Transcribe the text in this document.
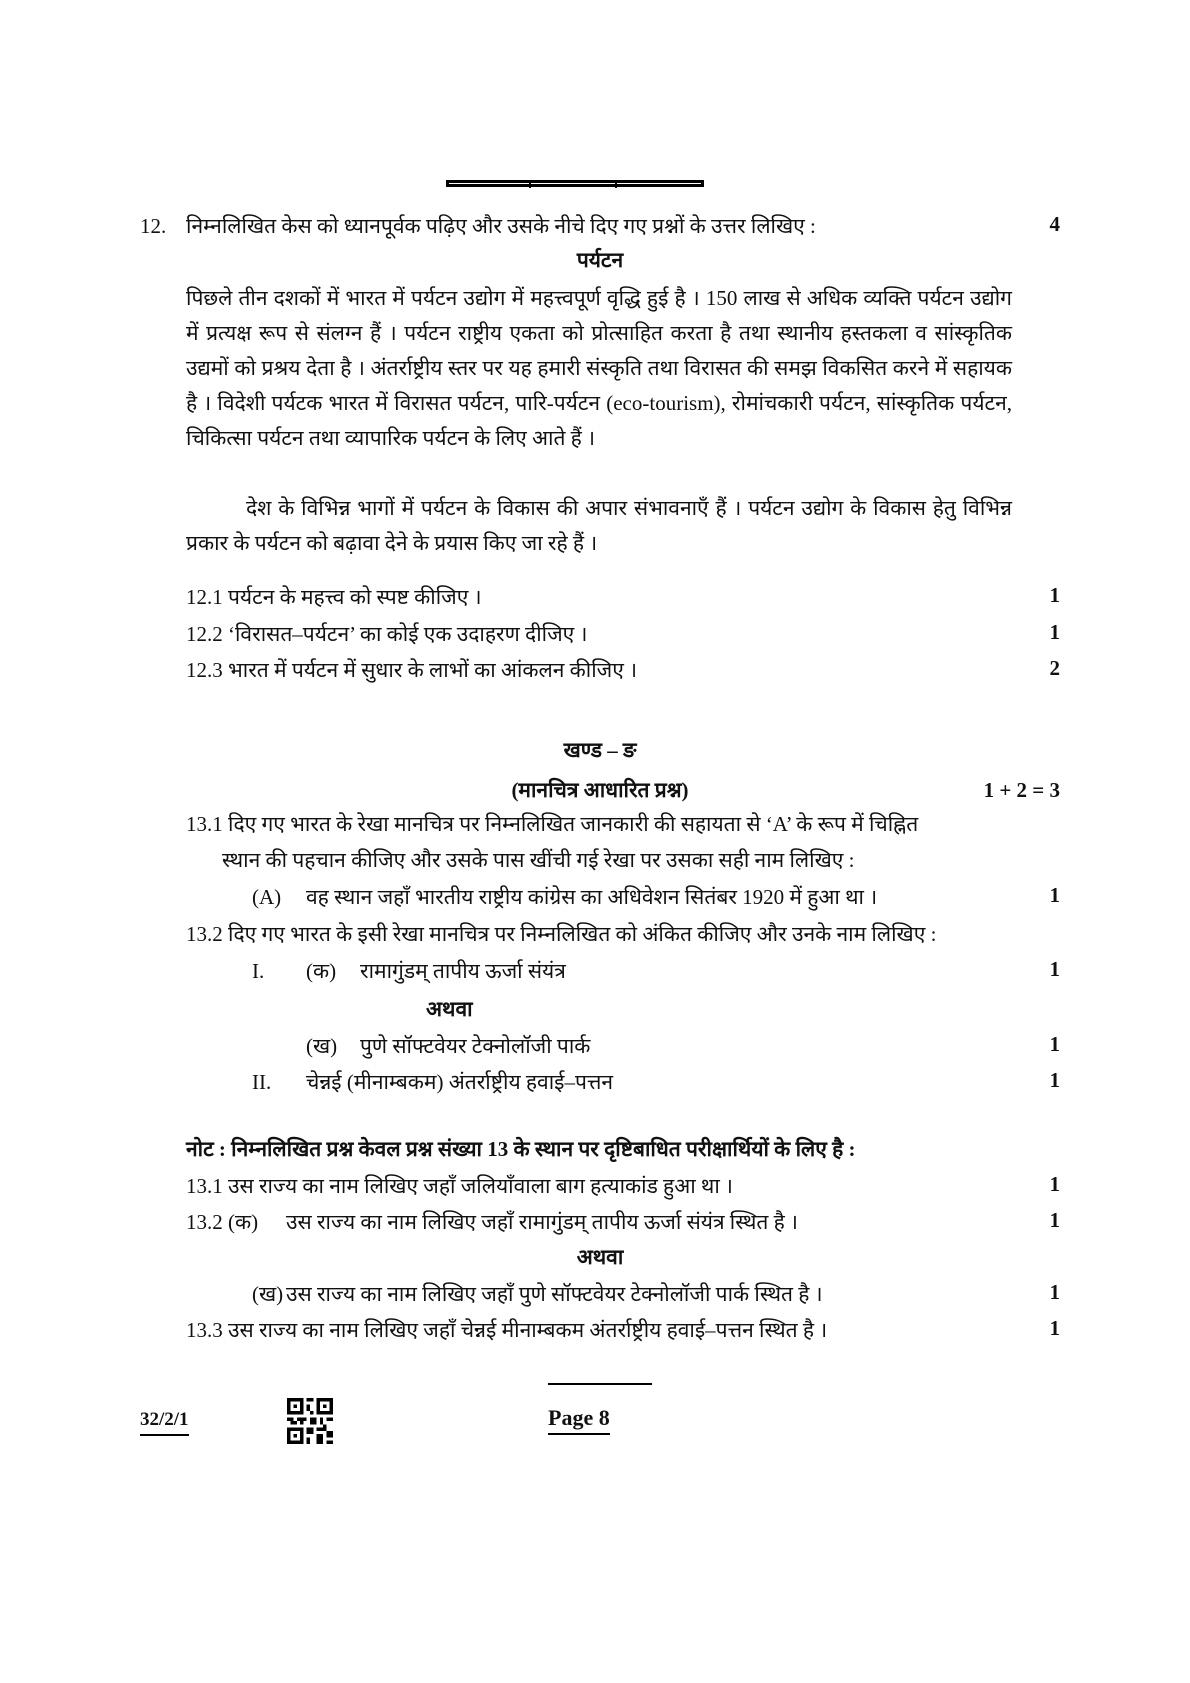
12. निम्नलिखित केस को ध्यानपूर्वक पढ़िए और उसके नीचे दिए गए प्रश्नों के उत्तर लिखिए :	4
पर्यटन
पिछले तीन दशकों में भारत में पर्यटन उद्योग में महत्त्वपूर्ण वृद्धि हुई है । 150 लाख से अधिक व्यक्ति पर्यटन उद्योग में प्रत्यक्ष रूप से संलग्न हैं । पर्यटन राष्ट्रीय एकता को प्रोत्साहित करता है तथा स्थानीय हस्तकला व सांस्कृतिक उद्यमों को प्रश्रय देता है । अंतर्राष्ट्रीय स्तर पर यह हमारी संस्कृति तथा विरासत की समझ विकसित करने में सहायक है । विदेशी पर्यटक भारत में विरासत पर्यटन, पारि-पर्यटन (eco-tourism), रोमांचकारी पर्यटन, सांस्कृतिक पर्यटन, चिकित्सा पर्यटन तथा व्यापारिक पर्यटन के लिए आते हैं ।
देश के विभिन्न भागों में पर्यटन के विकास की अपार संभावनाएँ हैं । पर्यटन उद्योग के विकास हेतु विभिन्न प्रकार के पर्यटन को बढ़ावा देने के प्रयास किए जा रहे हैं ।
12.1 पर्यटन के महत्त्व को स्पष्ट कीजिए ।	1
12.2 ‘विरासत–पर्यटन’ का कोई एक उदाहरण दीजिए ।	1
12.3 भारत में पर्यटन में सुधार के लाभों का आंकलन कीजिए ।	2
खण्ड – ङ
(मानचित्र आधारित प्रश्न)	1 + 2 = 3
13.1 दिए गए भारत के रेखा मानचित्र पर निम्नलिखित जानकारी की सहायता से ‘A’ के रूप में चिह्नित
स्थान की पहचान कीजिए और उसके पास खींची गई रेखा पर उसका सही नाम लिखिए :
(A) वह स्थान जहाँ भारतीय राष्ट्रीय कांग्रेस का अधिवेशन सितंबर 1920 में हुआ था ।	1
13.2 दिए गए भारत के इसी रेखा मानचित्र पर निम्नलिखित को अंकित कीजिए और उनके नाम लिखिए :
I. (क) रामागुंडम् तापीय ऊर्जा संयंत्र	1
अथवा
(ख) पुणे सॉफ्टवेयर टेक्नोलॉजी पार्क	1
II. चेन्नई (मीनाम्बकम) अंतर्राष्ट्रीय हवाई–पत्तन	1
नोट : निम्नलिखित प्रश्न केवल प्रश्न संख्या 13 के स्थान पर दृष्टिबाधित परीक्षार्थियों के लिए है :
13.1 उस राज्य का नाम लिखिए जहाँ जलियाँवाला बाग हत्याकांड हुआ था ।	1
13.2 (क) उस राज्य का नाम लिखिए जहाँ रामागुंडम् तापीय ऊर्जा संयंत्र स्थित है ।	1
अथवा
(ख) उस राज्य का नाम लिखिए जहाँ पुणे सॉफ्टवेयर टेक्नोलॉजी पार्क स्थित है ।	1
13.3 उस राज्य का नाम लिखिए जहाँ चेन्नई मीनाम्बकम अंतर्राष्ट्रीय हवाई–पत्तन स्थित है ।	1
32/2/1	Page 8
